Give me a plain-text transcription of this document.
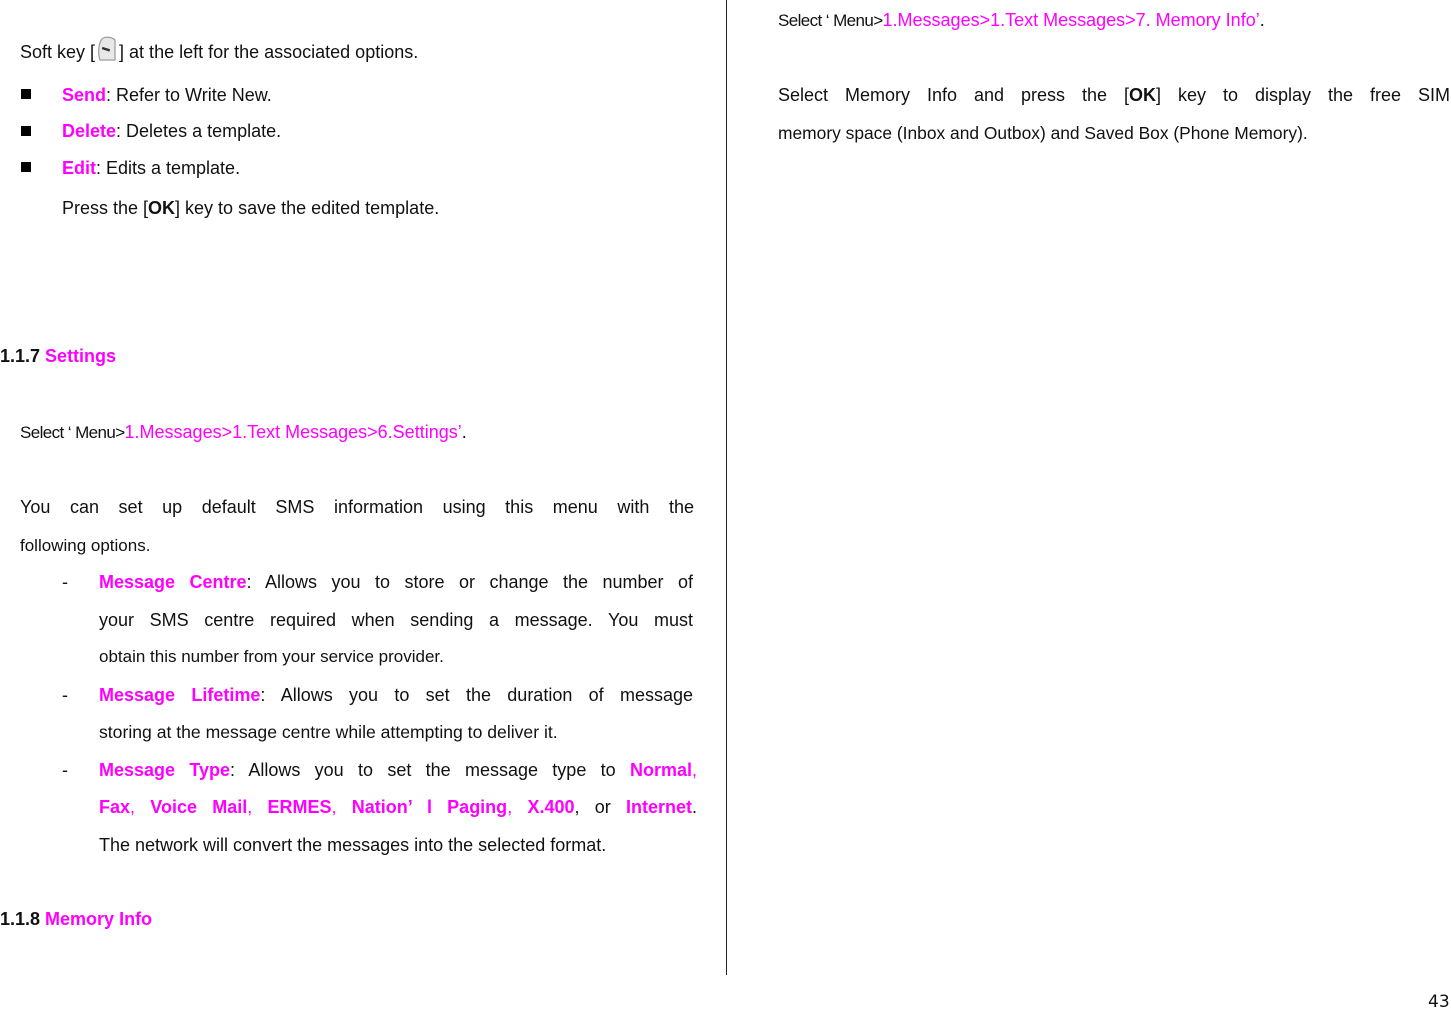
Soft key [ ] at the left for the associated options.
Send: Refer to Write New.
Delete: Deletes a template.
Edit: Edits a template.
Press the [OK] key to save the edited template.
1.1.7 Settings
Select ‘ Menu>1.Messages>1.Text Messages>6.Settings’.
You can set up default SMS information using this menu with the
following options.
- Message Centre: Allows you to store or change the number of
your SMS centre required when sending a message. You must
obtain this number from your service provider.
- Message Lifetime: Allows you to set the duration of message
storing at the message centre while attempting to deliver it.
- Message Type: Allows you to set the message type to Normal,
Fax, Voice Mail, ERMES, Nation’ l Paging, X.400, or Internet.
The network will convert the messages into the selected format.
1.1.8 Memory Info
Select ‘ Menu>1.Messages>1.Text Messages>7. Memory Info’.
Select Memory Info and press the [OK] key to display the free SIM
memory space (Inbox and Outbox) and Saved Box (Phone Memory).
43
